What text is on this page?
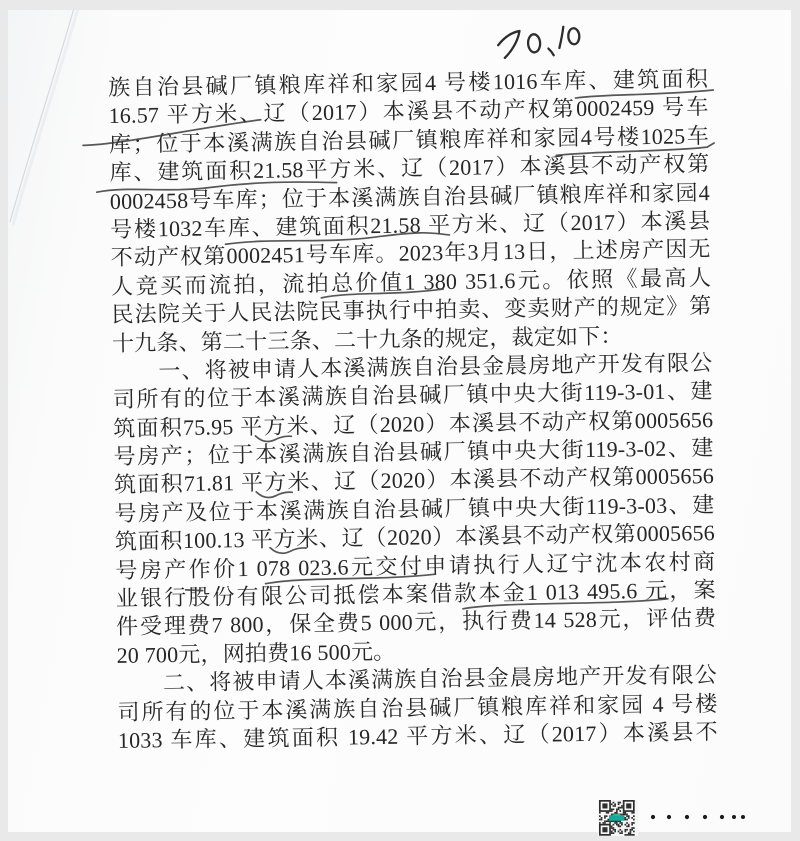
族自治县碱厂镇粮库祥和家园4 号楼1016车库、建筑面积
16.57 平方米、辽（2017）本溪县不动产权第0002459 号车
库；位于本溪满族自治县碱厂镇粮库祥和家园4号楼1025车
库、建筑面积21.58平方米、辽（2017）本溪县不动产权第
0002458号车库；位于本溪满族自治县碱厂镇粮库祥和家园4
号楼1032车库、建筑面积21.58 平方米、辽（2017）本溪县
不动产权第0002451号车库。2023年3月13日，上述房产因无
人竞买而流拍，流拍总价值1 380 351.6元。依照《最高人
民法院关于人民法院民事执行中拍卖、变卖财产的规定》第
十九条、第二十三条、二十九条的规定，裁定如下：
一、将被申请人本溪满族自治县金晨房地产开发有限公
司所有的位于本溪满族自治县碱厂镇中央大街119-3-01、建
筑面积75.95 平方米、辽（2020）本溪县不动产权第0005656
号房产；位于本溪满族自治县碱厂镇中央大街119-3-02、建
筑面积71.81 平方米、辽（2020）本溪县不动产权第0005656
号房产及位于本溪满族自治县碱厂镇中央大街119-3-03、建
筑面积100.13 平方米、辽（2020）本溪县不动产权第0005656
号房产作价1 078 023.6元交付申请执行人辽宁沈本农村商
业银行股份有限公司抵偿本案借款本金1 013 495.6 元，案
件受理费7 800，保全费5 000元，执行费14 528元，评估费
20 700元，网拍费16 500元。
二、将被申请人本溪满族自治县金晨房地产开发有限公
司所有的位于本溪满族自治县碱厂镇粮库祥和家园 4 号楼
1033 车库、建筑面积 19.42 平方米、辽（2017）本溪县不
